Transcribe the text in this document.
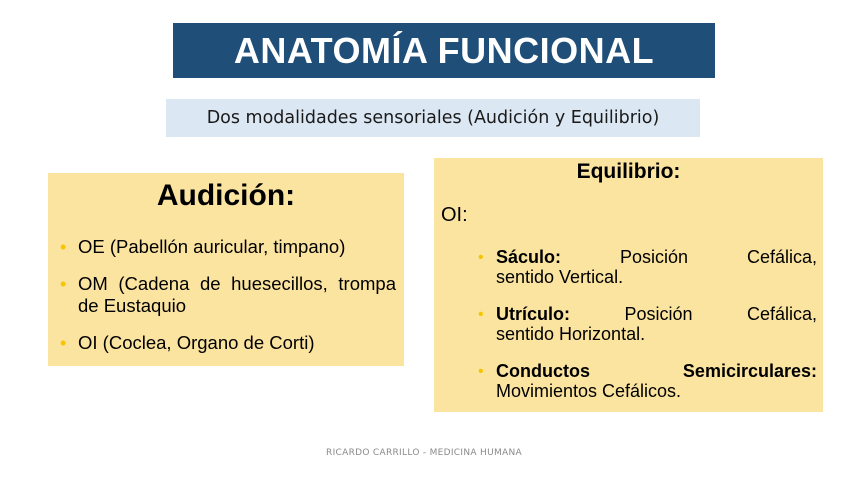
ANATOMÍA FUNCIONAL
Dos modalidades sensoriales (Audición y Equilibrio)
Audición:
• OE (Pabellón auricular, timpano)
• OM (Cadena de huesecillos, trompa de Eustaquio
• OI (Coclea, Organo de Corti)
Equilibrio:
OI:
• Sáculo:	Posición	Cefálica,
sentido Vertical.
• Utrículo:	Posición	Cefálica,
sentido Horizontal.
• Conductos	Semicirculares:
Movimientos Cefálicos.
RICARDO CARRILLO - MEDICINA HUMANA
